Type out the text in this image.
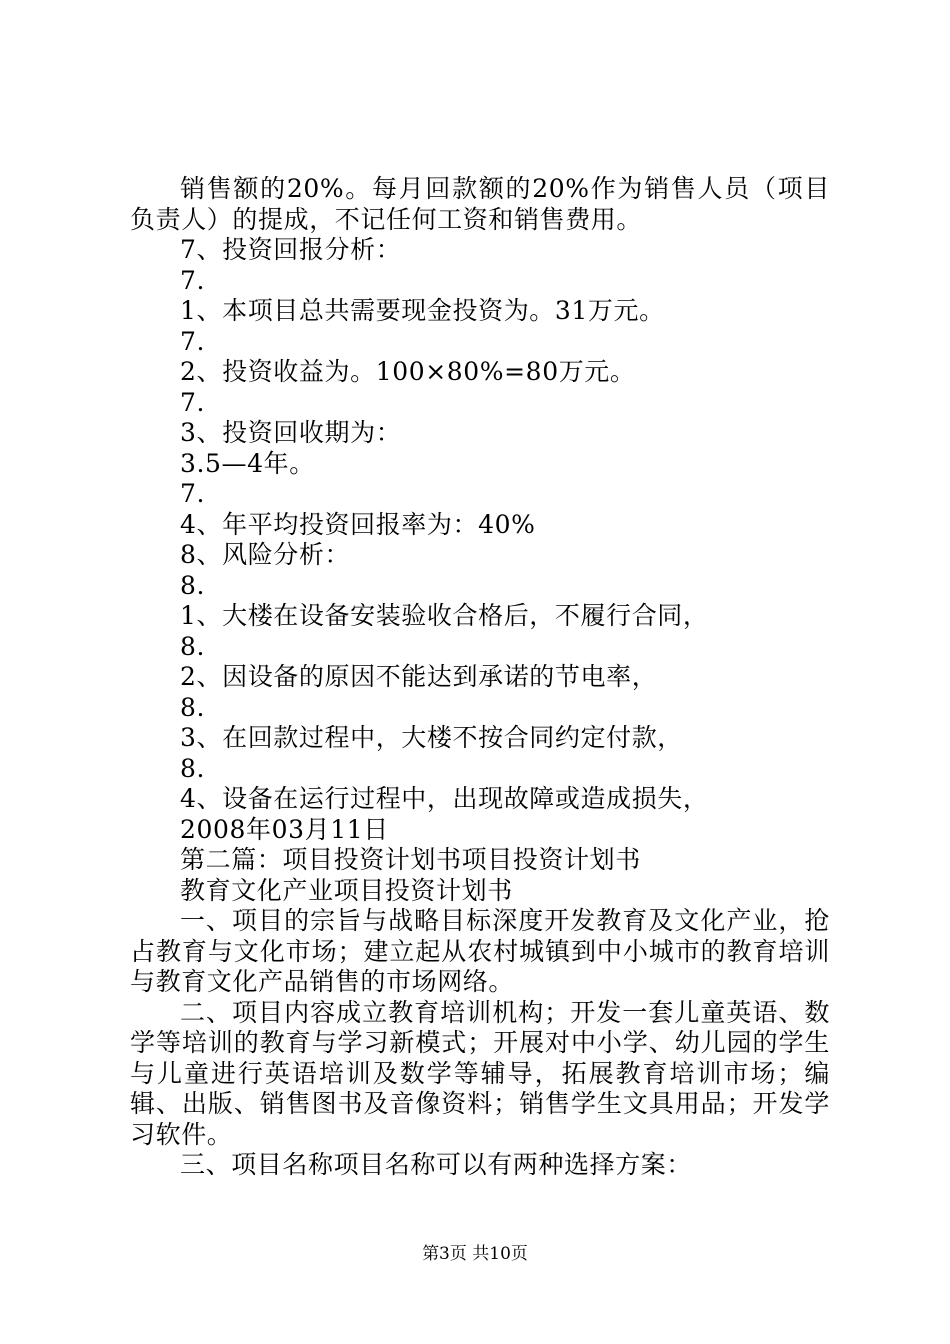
销售额的20%。每月回款额的20%作为销售人员（项目负责人）的提成，不记任何工资和销售费用。

7、投资回报分析：

7.

1、本项目总共需要现金投资为。31万元。

7.

2、投资收益为。100×80%=80万元。

7.

3、投资回收期为：

3.5—4年。

7.

4、年平均投资回报率为：40%

8、风险分析：

8.

1、大楼在设备安装验收合格后，不履行合同，

8.

2、因设备的原因不能达到承诺的节电率，

8.

3、在回款过程中，大楼不按合同约定付款，

8.

4、设备在运行过程中，出现故障或造成损失，

2008年03月11日

第二篇：项目投资计划书项目投资计划书

教育文化产业项目投资计划书

一、项目的宗旨与战略目标深度开发教育及文化产业，抢占教育与文化市场；建立起从农村城镇到中小城市的教育培训与教育文化产品销售的市场网络。

二、项目内容成立教育培训机构；开发一套儿童英语、数学等培训的教育与学习新模式；开展对中小学、幼儿园的学生与儿童进行英语培训及数学等辅导，拓展教育培训市场；编辑、出版、销售图书及音像资料；销售学生文具用品；开发学习软件。

三、项目名称项目名称可以有两种选择方案：

第3页 共10页
